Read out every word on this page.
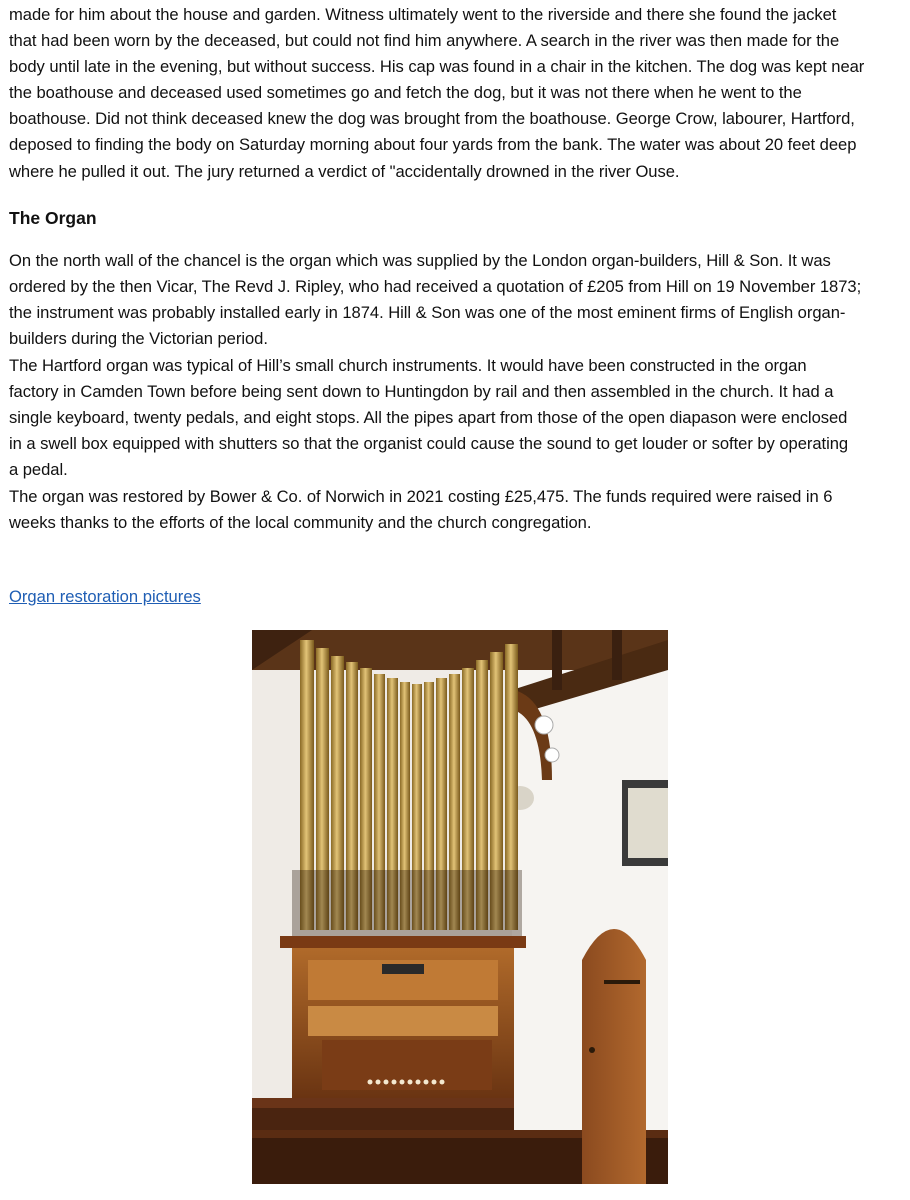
made for him about the house and garden. Witness ultimately went to the riverside and there she found the jacket
that had been worn by the deceased, but could not find him anywhere. A search in the river was then made for the
body until late in the evening, but without success. His cap was found in a chair in the kitchen. The dog was kept near
the boathouse and deceased used sometimes go and fetch the dog, but it was not there when he went to the
boathouse. Did not think deceased knew the dog was brought from the boathouse. George Crow, labourer, Hartford,
deposed to finding the body on Saturday morning about four yards from the bank. The water was about 20 feet deep
where he pulled it out. The jury returned a verdict of "accidentally drowned in the river Ouse.

The Organ

On the north wall of the chancel is the organ which was supplied by the London organ-builders, Hill & Son. It was
ordered by the then Vicar, The Revd J. Ripley, who had received a quotation of £205 from Hill on 19 November 1873;
the instrument was probably installed early in 1874. Hill & Son was one of the most eminent firms of English organ-
builders during the Victorian period.

The Hartford organ was typical of Hill’s small church instruments. It would have been constructed in the organ
factory in Camden Town before being sent down to Huntingdon by rail and then assembled in the church. It had a
single keyboard, twenty pedals, and eight stops. All the pipes apart from those of the open diapason were enclosed
in a swell box equipped with shutters so that the organist could cause the sound to get louder or softer by operating
a pedal.

The organ was restored by Bower & Co. of Norwich in 2021 costing £25,475. The funds required were raised in 6
weeks thanks to the efforts of the local community and the church congregation.

Organ restoration pictures
